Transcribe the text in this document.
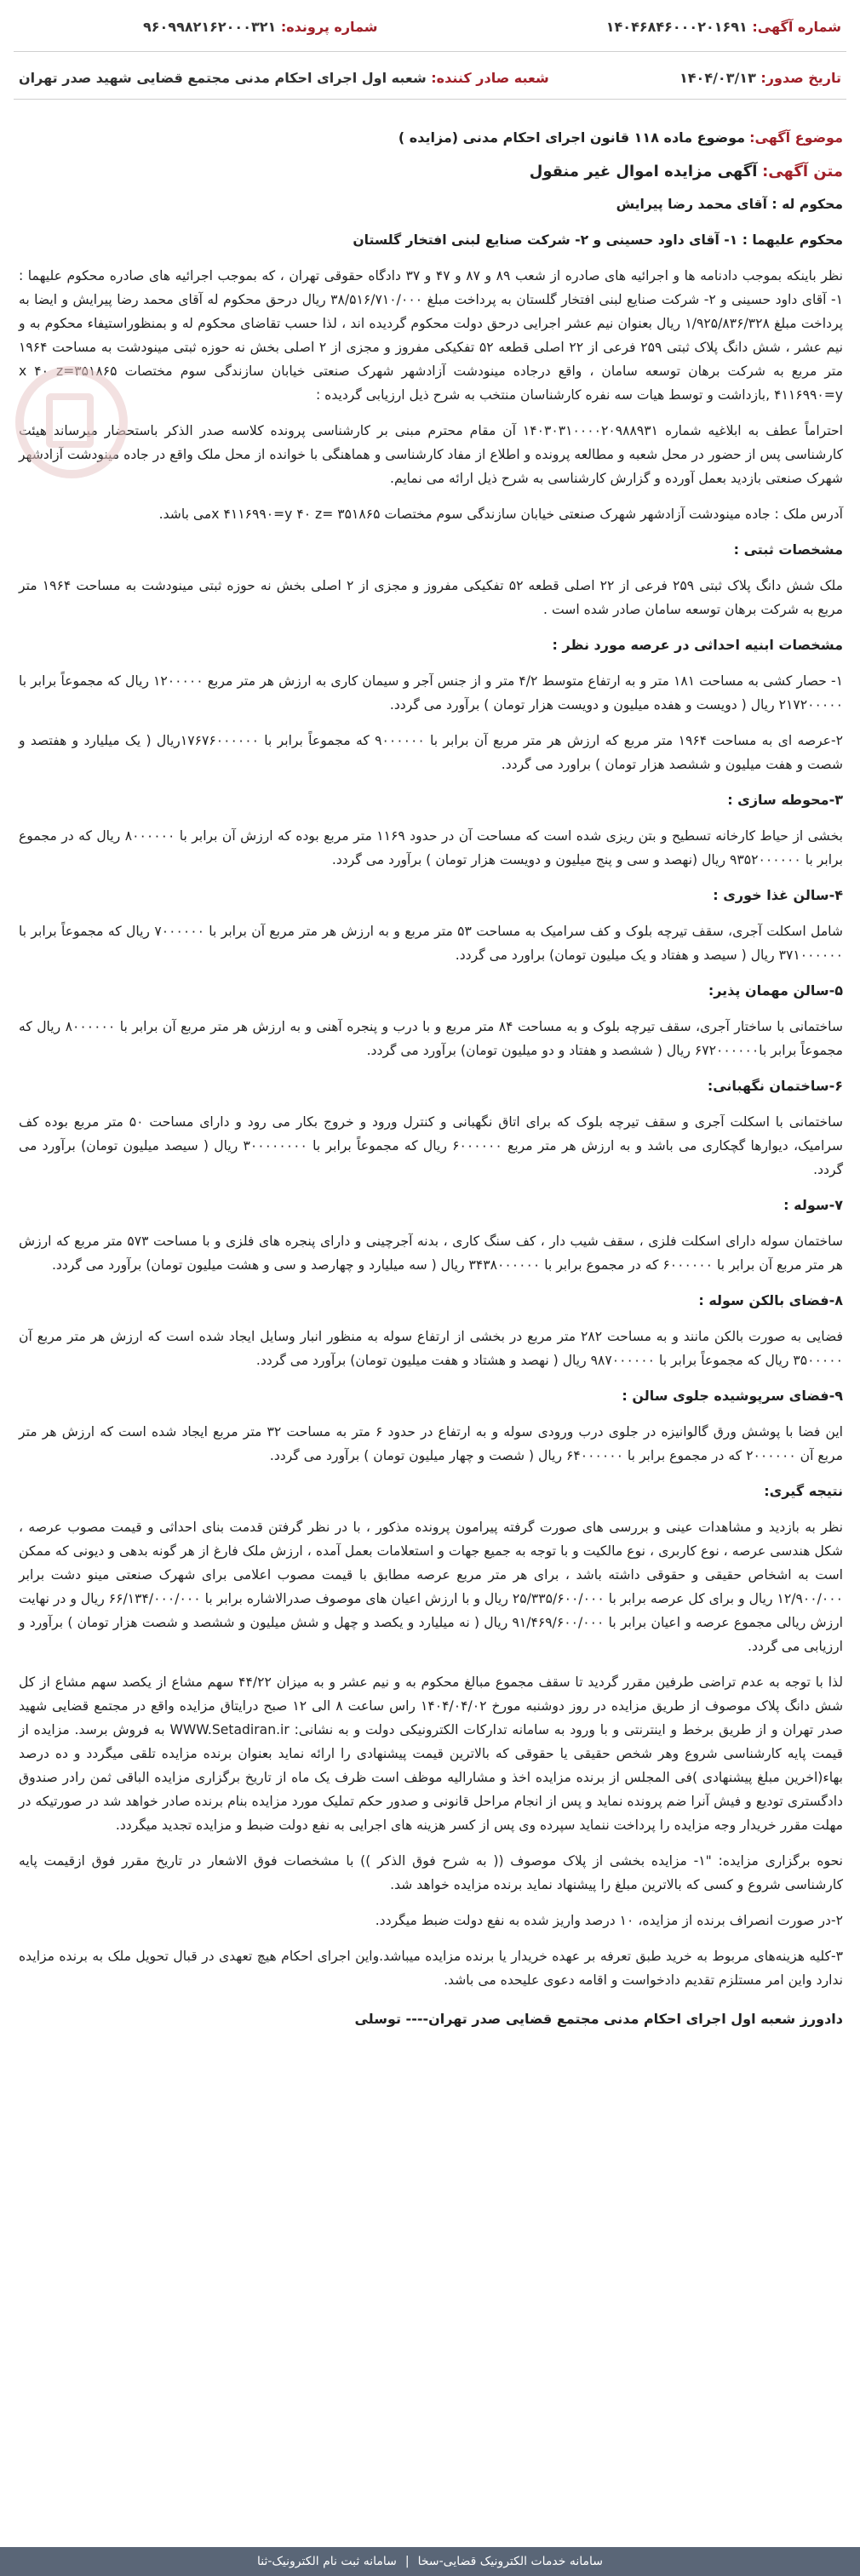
شماره آگهی: ۱۴۰۴۶۸۴۶۰۰۰۲۰۱۶۹۱
شماره پرونده: ۹۶۰۹۹۸۲۱۶۲۰۰۰۳۲۱
تاریخ صدور: ۱۴۰۴/۰۳/۱۳
شعبه صادر کننده: شعبه اول اجرای احکام مدنی مجتمع قضایی شهید صدر تهران
موضوع آگهی: موضوع ماده ۱۱۸ قانون اجرای احکام مدنی (مزایده )
متن آگهی: آگهی مزایده اموال غیر منقول

محکوم له : آقای محمد رضا پیرایش

محکوم علیهما : ۱- آقای داود حسینی و ۲- شرکت صنایع لبنی افتخار گلستان

نظر باینکه بموجب دادنامه ها و اجرائیه های صادره از شعب ۸۹ و ۸۷ و ۴۷ و ۳۷ دادگاه حقوقی تهران ، که بموجب اجرائیه های صادره محکوم علیهما : ۱- آقای داود حسینی و ۲- شرکت صنایع لبنی افتخار گلستان به پرداخت مبلغ ۳۸/۵۱۶/۷۱۰/۰۰۰ ریال درحق محکوم له آقای محمد رضا پیرایش و ایضا به پرداخت مبلغ ۱/۹۲۵/۸۳۶/۳۲۸ ریال بعنوان نیم عشر اجرایی درحق دولت محکوم گردیده اند ، لذا حسب تقاضای محکوم له و بمنظوراستیفاء محکوم به و نیم عشر ، شش دانگ پلاک ثبتی ۲۵۹ فرعی از ۲۲ اصلی قطعه ۵۲ تفکیکی مفروز و مجزی از ۲ اصلی بخش نه حوزه ثبتی مینودشت به مساحت ۱۹۶۴ متر مربع به شرکت برهان توسعه سامان ، واقع درجاده مینودشت آزادشهر شهرک صنعتی خیابان سازندگی سوم مختصات ۳۵۱۸۶۵=x ۴۰ z ۴۱۱۶۹۹۰=y ,بازداشت و توسط هیات سه نفره کارشناسان منتخب به شرح ذیل ارزیابی گردیده :

احتراماً عطف به ابلاغیه شماره ۱۴۰۳۰۳۱۰۰۰۰۲۰۹۸۸۹۳۱ آن مقام محترم مبنی بر کارشناسی پرونده کلاسه صدر الذکر باستحضار میرساند هیئت کارشناسی پس از حضور در محل شعبه و مطالعه پرونده و اطلاع از مفاد کارشناسی و هماهنگی با خوانده از محل ملک واقع در جاده مینودشت آزادشهر شهرک صنعتی بازدید بعمل آورده و گزارش کارشناسی به شرح ذیل ارائه می نمایم.

آدرس ملک : جاده مینودشت آزادشهر شهرک صنعتی خیابان سازندگی سوم مختصات ۳۵۱۸۶۵ =x ۴۱۱۶۹۹۰=y ۴۰ zمی باشد.

مشخصات ثبتی :

ملک شش دانگ پلاک ثبتی ۲۵۹ فرعی از ۲۲ اصلی قطعه ۵۲ تفکیکی مفروز و مجزی از ۲ اصلی بخش نه حوزه ثبتی مینودشت به مساحت ۱۹۶۴ متر مربع به شرکت برهان توسعه سامان صادر شده است .

مشخصات ابنیه احداثی در عرصه مورد نظر :

۱- حصار کشی به مساحت ۱۸۱ متر و به ارتفاع متوسط ۴/۲ متر و از جنس آجر و سیمان کاری به ارزش هر متر مربع ۱۲۰۰۰۰۰ ریال که مجموعاً برابر با ۲۱۷۲۰۰۰۰۰ ریال ( دویست و هفده میلیون و دویست هزار تومان ) برآورد می گردد.

۲-عرصه ای به مساحت ۱۹۶۴ متر مربع که ارزش هر متر مربع آن برابر با ۹۰۰۰۰۰۰ که مجموعاً برابر با ۱۷۶۷۶۰۰۰۰۰۰ریال ( یک میلیارد و هفتصد و شصت و هفت میلیون و ششصد هزار تومان ) براورد می گردد.

۳-محوطه سازی :

بخشی از حیاط کارخانه تسطیح و بتن ریزی شده است که مساحت آن در حدود ۱۱۶۹ متر مربع بوده که ارزش آن برابر با ۸۰۰۰۰۰۰ ریال که در مجموع برابر با ۹۳۵۲۰۰۰۰۰۰ ریال (نهصد و سی و پنج میلیون و دویست هزار تومان ) برآورد می گردد.

۴-سالن غذا خوری :

شامل اسکلت آجری، سقف تیرچه بلوک و کف سرامیک به مساحت ۵۳ متر مربع و به ارزش هر متر مربع آن برابر با ۷۰۰۰۰۰۰ ریال که مجموعاً برابر با ۳۷۱۰۰۰۰۰۰ ریال ( سیصد و هفتاد و یک میلیون تومان) براورد می گردد.

۵-سالن مهمان پذیر:

ساختمانی با ساختار آجری، سقف تیرچه بلوک و به مساحت ۸۴ متر مربع و با درب و پنجره آهنی و به ارزش هر متر مربع آن برابر با ۸۰۰۰۰۰۰ ریال که مجموعاً برابر با۶۷۲۰۰۰۰۰۰ ریال ( ششصد و هفتاد و دو میلیون تومان) برآورد می گردد.

۶-ساختمان نگهبانی:

ساختمانی با اسکلت آجری و سقف تیرچه بلوک که برای اتاق نگهبانی و کنترل ورود و خروج بکار می رود و دارای مساحت ۵۰ متر مربع بوده کف سرامیک، دیوارها گچکاری می باشد و به ارزش هر متر مربع ۶۰۰۰۰۰۰ ریال که مجموعاً برابر با ۳۰۰۰۰۰۰۰۰ ریال ( سیصد میلیون تومان) برآورد می گردد.

۷-سوله :

ساختمان سوله دارای اسکلت فلزی ، سقف شیب دار ، کف سنگ کاری ، بدنه آجرچینی و دارای پنجره های فلزی و با مساحت ۵۷۳ متر مربع که ارزش هر متر مربع آن برابر با ۶۰۰۰۰۰۰ که در مجموع برابر با ۳۴۳۸۰۰۰۰۰۰ ریال ( سه میلیارد و چهارصد و سی و هشت میلیون تومان) برآورد می گردد.

۸-فضای بالکن سوله :

فضایی به صورت بالکن مانند و به مساحت ۲۸۲ متر مربع در بخشی از ارتفاع سوله به منظور انبار وسایل ایجاد شده است که ارزش هر متر مربع آن ۳۵۰۰۰۰۰ ریال که مجموعاً برابر با ۹۸۷۰۰۰۰۰۰ ریال ( نهصد و هشتاد و هفت میلیون تومان) برآورد می گردد.

۹-فضای سرپوشیده جلوی سالن :

این فضا با پوشش ورق گالوانیزه در جلوی درب ورودی سوله و به ارتفاع در حدود ۶ متر به مساحت ۳۲ متر مربع ایجاد شده است که ارزش هر متر مربع آن ۲۰۰۰۰۰۰ که در مجموع برابر با ۶۴۰۰۰۰۰۰ ریال ( شصت و چهار میلیون تومان ) برآورد می گردد.

نتیجه گیری:

نظر به بازدید و مشاهدات عینی و بررسی های صورت گرفته پیرامون پرونده مذکور ، با در نظر گرفتن قدمت بنای احداثی و قیمت مصوب عرصه ، شکل هندسی عرصه ، نوع کاربری ، نوع مالکیت و با توجه به جمیع جهات و استعلامات بعمل آمده ، ارزش ملک فارغ از هر گونه بدهی و دیونی که ممکن است به اشخاص حقیقی و حقوقی داشته باشد ، برای هر متر مربع عرصه مطابق با قیمت مصوب اعلامی برای شهرک صنعتی مینو دشت برابر ۱۲/۹۰۰/۰۰۰ ریال و برای کل عرصه برابر با ۲۵/۳۳۵/۶۰۰/۰۰۰ ریال و با ارزش اعیان های موصوف صدرالاشاره برابر با ۶۶/۱۳۴/۰۰۰/۰۰۰ ریال و در نهایت ارزش ریالی مجموع عرصه و اعیان برابر با ۹۱/۴۶۹/۶۰۰/۰۰۰ ریال ( نه میلیارد و یکصد و چهل و شش میلیون و ششصد و شصت هزار تومان ) برآورد و ارزیابی می گردد.

لذا با توجه به عدم تراضی طرفین مقرر گردید تا سقف مجموع مبالغ محکوم به و نیم عشر و به میزان ۴۴/۲۲ سهم مشاع از یکصد سهم مشاع از کل شش دانگ پلاک موصوف از طریق مزایده در روز دوشنبه مورخ ۱۴۰۴/۰۴/۰۲ راس ساعت ۸ الی ۱۲ صبح درایتاق مزایده واقع در مجتمع قضایی شهید صدر تهران و از طریق برخط و اینترنتی و با ورود به سامانه تدارکات الکترونیکی دولت و به نشانی: WWW.Setadiran.ir به فروش برسد. مزایده از قیمت پایه کارشناسی شروع وهر شخص حقیقی یا حقوقی که بالاترین قیمت پیشنهادی را ارائه نماید بعنوان برنده مزایده تلقی میگردد و ده درصد بهاء(اخرین مبلغ پیشنهادی )فی المجلس از برنده مزایده اخذ و مشارالیه موظف است ظرف یک ماه از تاریخ برگزاری مزایده الباقی ثمن رادر صندوق دادگستری تودیع و فیش آنرا ضم پرونده نماید و پس از انجام مراحل قانونی و صدور حکم تملیک مورد مزایده بنام برنده صادر خواهد شد در صورتیکه در مهلت مقرر خریدار وجه مزایده را پرداخت ننماید سپرده وی پس از کسر هزینه های اجرایی به نفع دولت ضبط و مزایده تجدید میگردد.

نحوه برگزاری مزایده: "۱- مزایده بخشی از پلاک موصوف (( به شرح فوق الذکر )) با مشخصات فوق الاشعار در تاریخ مقرر فوق ازقیمت پایه کارشناسی شروع و کسی که بالاترین مبلغ را پیشنهاد نماید برنده مزایده خواهد شد.

۲-در صورت انصراف برنده از مزایده، ۱۰ درصد واریز شده به نفع دولت ضبط میگردد.

۳-کلیه هزینه‌های مربوط به خرید طبق تعرفه بر عهده خریدار یا برنده مزایده میباشد.واین اجرای احکام هیچ تعهدی در قبال تحویل ملک به برنده مزایده ندارد واین امر مستلزم تقدیم دادخواست و اقامه دعوی علیحده می باشد.

دادورز شعبه اول اجرای احکام مدنی مجتمع قضایی صدر تهران---- توسلی
سامانه خدمات الکترونیک قضایی-سخا
|
سامانه ثبت نام الکترونیک-ثنا
